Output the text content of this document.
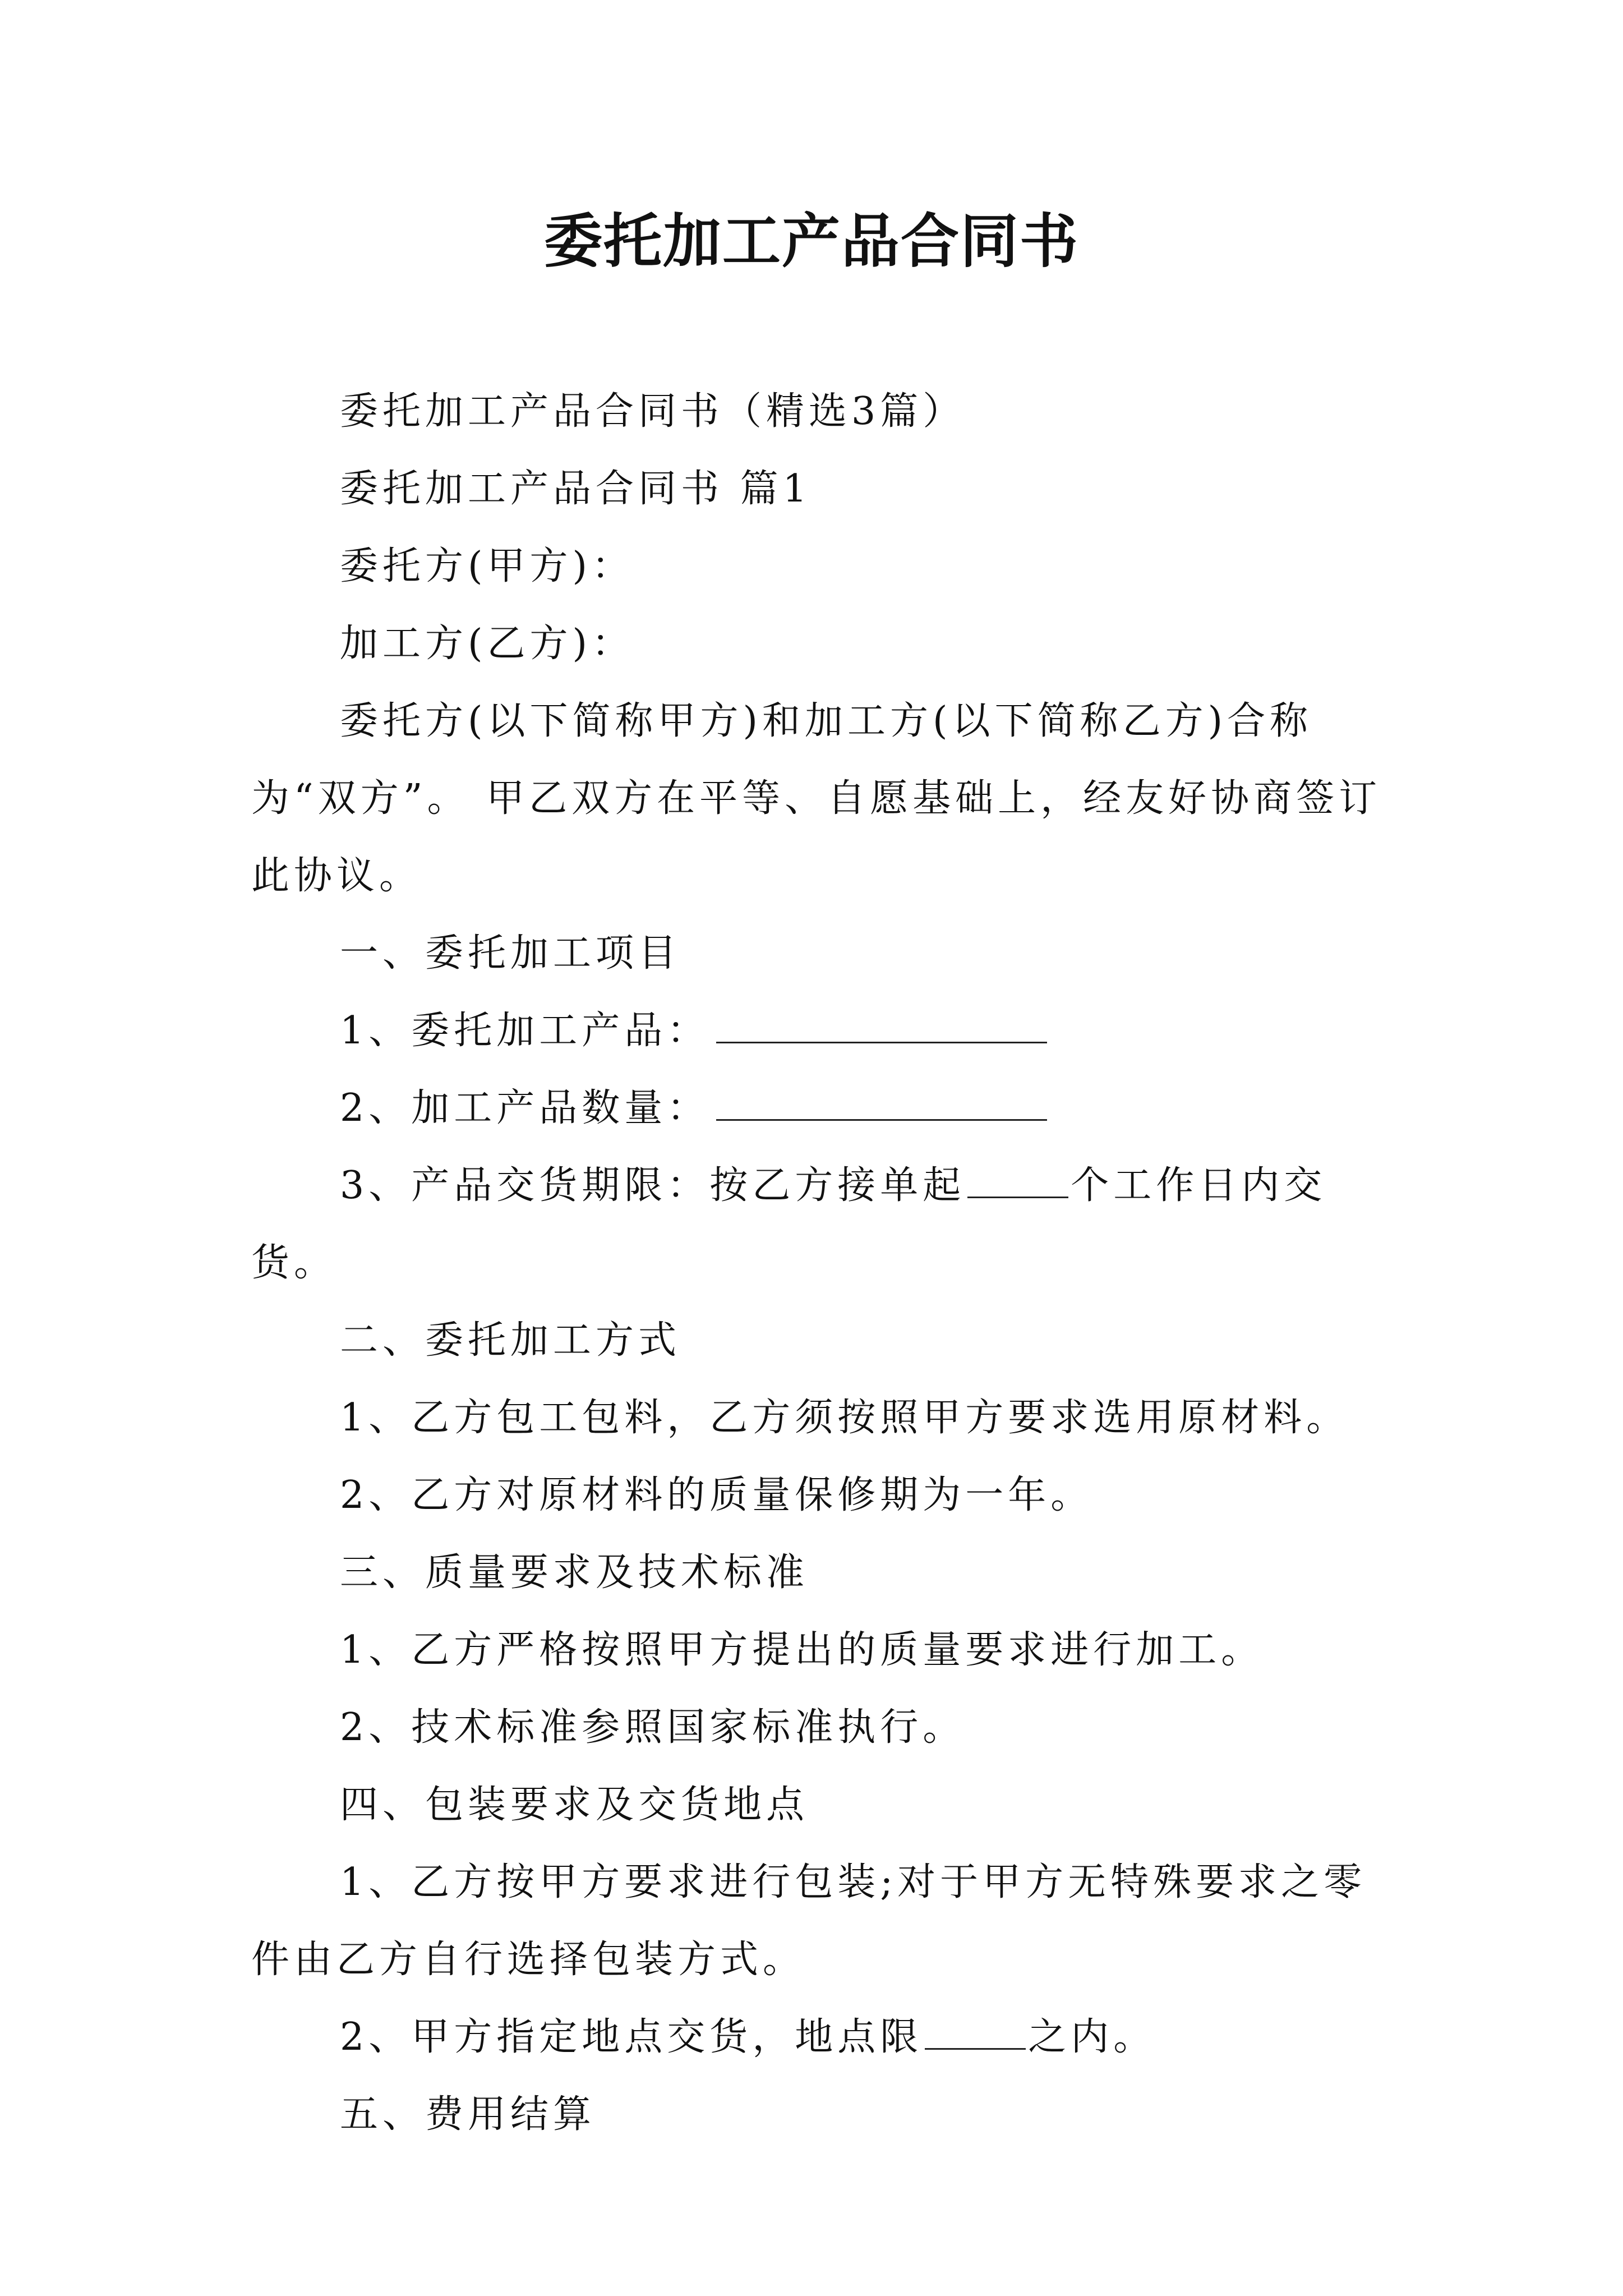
委托加工产品合同书

委托加工产品合同书（精选3篇）

委托加工产品合同书 篇1

委托方(甲方)：

加工方(乙方)：

委托方(以下简称甲方)和加工方(以下简称乙方)合称为“双方”。 甲乙双方在平等、自愿基础上，经友好协商签订此协议。

一、委托加工项目

1、委托加工产品：

2、加工产品数量：

3、产品交货期限：按乙方接单起	个工作日内交货。

二、委托加工方式

1、乙方包工包料，乙方须按照甲方要求选用原材料。

2、乙方对原材料的质量保修期为一年。

三、质量要求及技术标准

1、乙方严格按照甲方提出的质量要求进行加工。

2、技术标准参照国家标准执行。

四、包装要求及交货地点

1、乙方按甲方要求进行包装;对于甲方无特殊要求之零件由乙方自行选择包装方式。

2、甲方指定地点交货，地点限	之内。

五、费用结算
